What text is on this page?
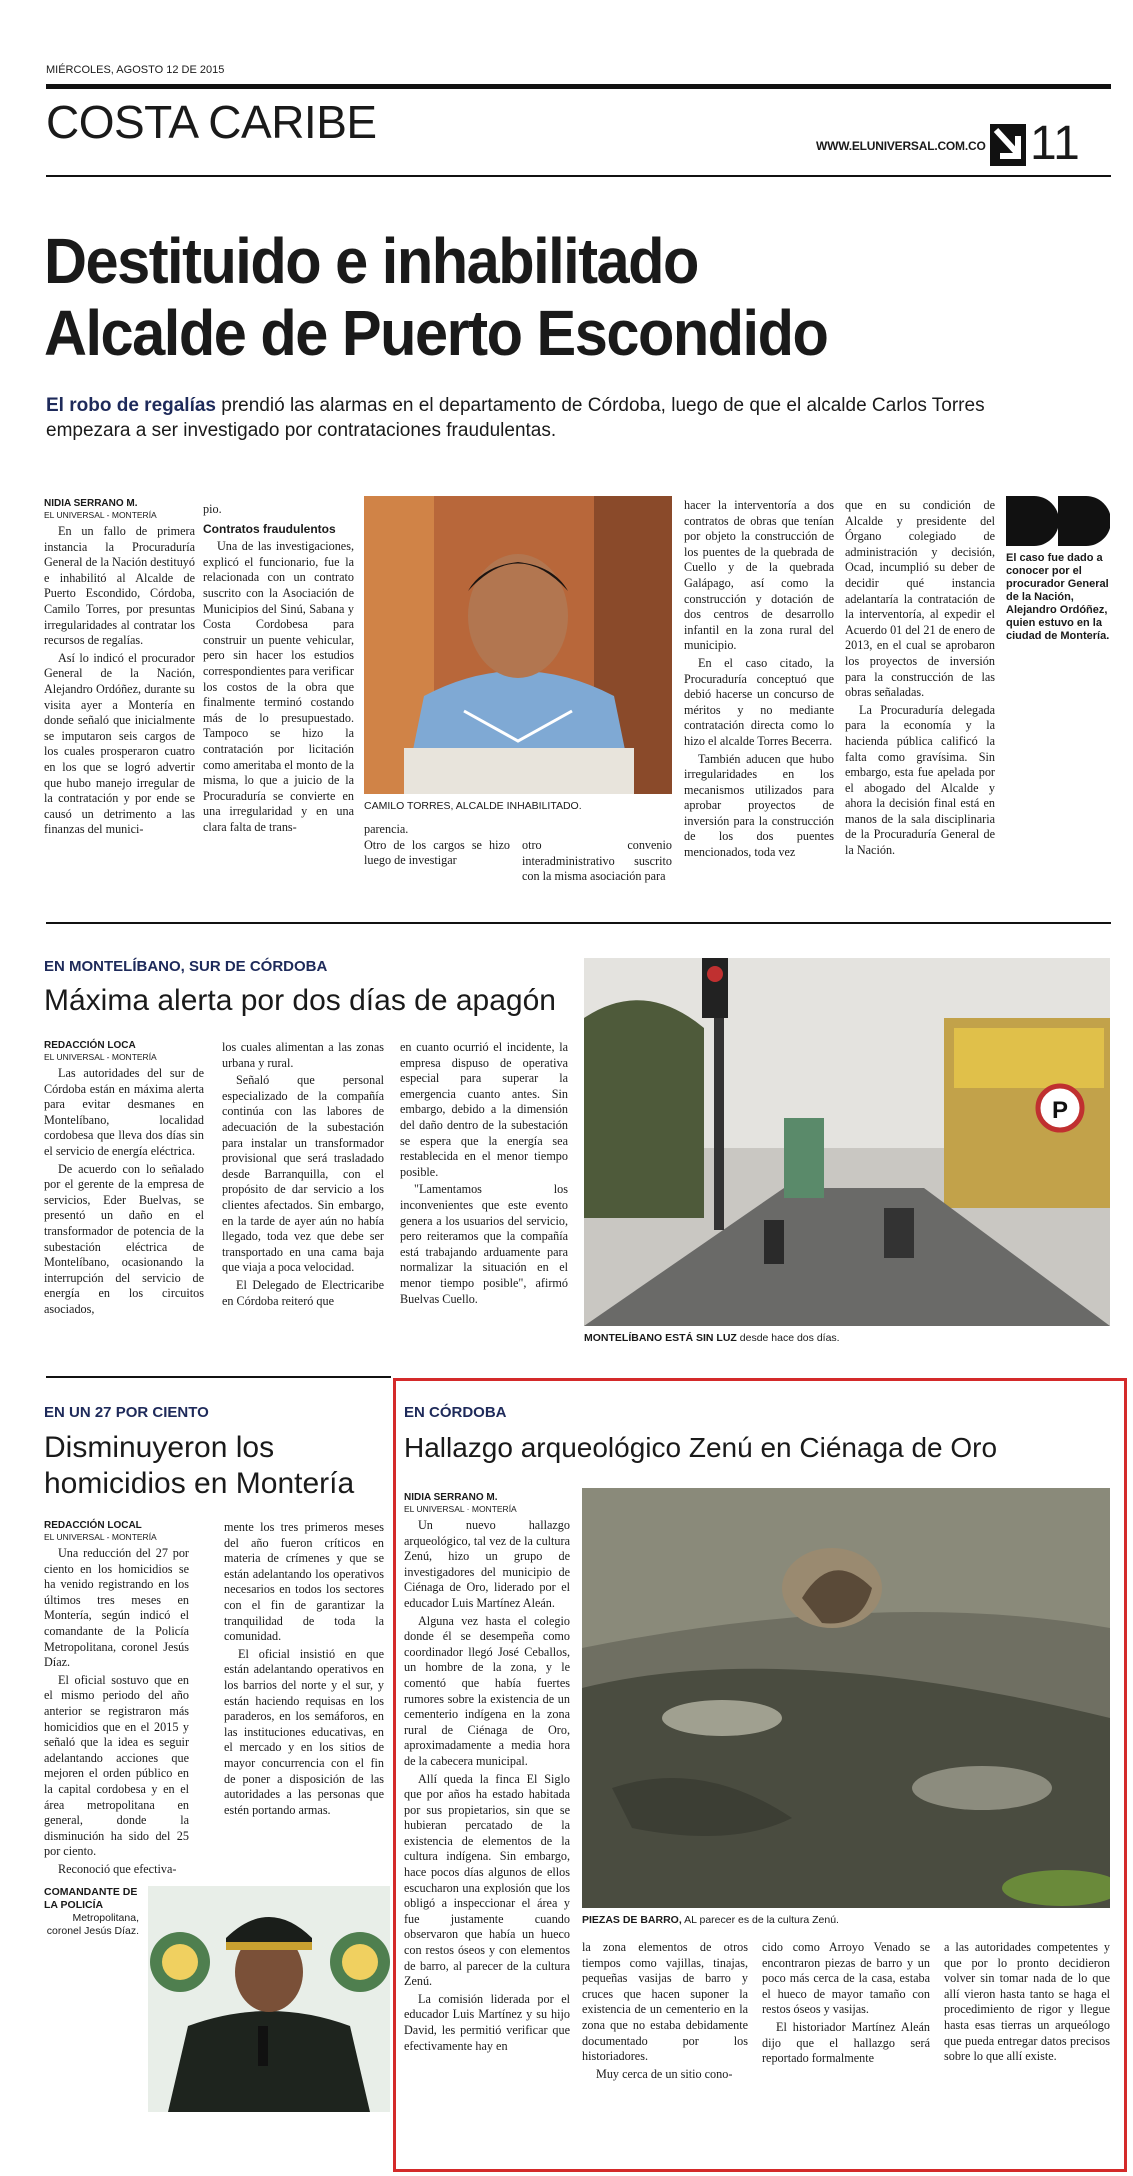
MIÉRCOLES, AGOSTO 12 DE 2015
COSTA CARIBE	WWW.ELUNIVERSAL.COM.CO 11
Destituido e inhabilitado
Alcalde de Puerto Escondido
El robo de regalías prendió las alarmas en el departamento de Córdoba, luego de que el alcalde Carlos Torres empezara a ser investigado por contrataciones fraudulentas.
NIDIA SERRANO M.
EL UNIVERSAL - MONTERÍA

En un fallo de primera instancia la Procuraduría General de la Nación destituyó e inhabilitó al Alcalde de Puerto Escondido, Córdoba, Camilo Torres, por presuntas irregularidades al contratar los recursos de regalías.

Así lo indicó el procurador General de la Nación, Alejandro Ordóñez, durante su visita ayer a Montería en donde señaló que inicialmente se imputaron seis cargos de los cuales prosperaron cuatro en los que se logró advertir que hubo manejo irregular de la contratación y por ende se causó un detrimento a las finanzas del munici-

pio.
Contratos fraudulentos

Una de las investigaciones, explicó el funcionario, fue la relacionada con un contrato suscrito con la Asociación de Municipios del Sinú, Sabana y Costa Cordobesa para construir un puente vehicular, pero sin hacer los estudios correspondientes para verificar los costos de la obra que finalmente terminó costando más de lo presupuestado. Tampoco se hizo la contratación por licitación como ameritaba el monto de la misma, lo que a juicio de la Procuraduría se convierte en una irregularidad y en una clara falta de trans-

CAMILO TORRES, ALCALDE INHABILITADO.
parencia.
Otro de los cargos se hizo luego de investigar
otro convenio interadministrativo suscrito con la misma asociación para

hacer la interventoría a dos contratos de obras que tenían por objeto la construcción de los puentes de la quebrada de Cuello y de la quebrada Galápago, así como la construcción y dotación de dos centros de desarrollo infantil en la zona rural del municipio.

En el caso citado, la Procuraduría conceptuó que debió hacerse un concurso de méritos y no mediante contratación directa como lo hizo el alcalde Torres Becerra.

También aducen que hubo irregularidades en los mecanismos utilizados para aprobar proyectos de inversión para la construcción de los dos puentes mencionados, toda vez

que en su condición de Alcalde y presidente del Órgano colegiado de administración y decisión, Ocad, incumplió su deber de decidir qué instancia adelantaría la contratación de la interventoría, al expedir el Acuerdo 01 del 21 de enero de 2013, en el cual se aprobaron los proyectos de inversión para la construcción de las obras señaladas.

La Procuraduría delegada para la economía y la hacienda pública calificó la falta como gravísima. Sin embargo, esta fue apelada por el abogado del Alcalde y ahora la decisión final está en manos de la sala disciplinaria de la Procuraduría General de la Nación.

El caso fue dado a conocer por el procurador General de la Nación, Alejandro Ordóñez, quien estuvo en la ciudad de Montería.
EN MONTELÍBANO, SUR DE CÓRDOBA
Máxima alerta por dos días de apagón
REDACCIÓN LOCA
EL UNIVERSAL - MONTERÍA

Las autoridades del sur de Córdoba están en máxima alerta para evitar desmanes en Montelíbano, localidad cordobesa que lleva dos días sin el servicio de energía eléctrica.

De acuerdo con lo señalado por el gerente de la empresa de servicios, Eder Buelvas, se presentó un daño en el transformador de potencia de la subestación eléctrica de Montelíbano, ocasionando la interrupción del servicio de energía en los circuitos asociados,

los cuales alimentan a las zonas urbana y rural.

Señaló que personal especializado de la compañía continúa con las labores de adecuación de la subestación para instalar un transformador provisional que será trasladado desde Barranquilla, con el propósito de dar servicio a los clientes afectados. Sin embargo, en la tarde de ayer aún no había llegado, toda vez que debe ser transportado en una cama baja que viaja a poca velocidad.

El Delegado de Electricaribe en Córdoba reiteró que

en cuanto ocurrió el incidente, la empresa dispuso de operativa especial para superar la emergencia cuanto antes. Sin embargo, debido a la dimensión del daño dentro de la subestación se espera que la energía sea restablecida en el menor tiempo posible.

"Lamentamos los inconvenientes que este evento genera a los usuarios del servicio, pero reiteramos que la compañía está trabajando arduamente para normalizar la situación en el menor tiempo posible", afirmó Buelvas Cuello.

P
MONTELÍBANO ESTÁ SIN LUZ desde hace dos días.
EN UN 27 POR CIENTO
Disminuyeron los
homicidios en Montería
REDACCIÓN LOCAL
EL UNIVERSAL - MONTERÍA

Una reducción del 27 por ciento en los homicidios se ha venido registrando en los últimos tres meses en Montería, según indicó el comandante de la Policía Metropolitana, coronel Jesús Díaz.

El oficial sostuvo que en el mismo periodo del año anterior se registraron más homicidios que en el 2015 y señaló que la idea es seguir adelantando acciones que mejoren el orden público en la capital cordobesa y en el área metropolitana en general, donde la disminución ha sido del 25 por ciento.

Reconoció que efectiva-

mente los tres primeros meses del año fueron críticos en materia de crímenes y que se están adelantando los operativos necesarios en todos los sectores con el fin de garantizar la tranquilidad de toda la comunidad.

El oficial insistió en que están adelantando operativos en los barrios del norte y el sur, y están haciendo requisas en los paraderos, en los semáforos, en las instituciones educativas, en el mercado y en los sitios de mayor concurrencia con el fin de poner a disposición de las autoridades a las personas que estén portando armas.

COMANDANTE DE LA POLICÍA
Metropolitana, coronel Jesús Díaz.
EN CÓRDOBA
Hallazgo arqueológico Zenú en Ciénaga de Oro
NIDIA SERRANO M.
EL UNIVERSAL · MONTERÍA

Un nuevo hallazgo arqueológico, tal vez de la cultura Zenú, hizo un grupo de investigadores del municipio de Ciénaga de Oro, liderado por el educador Luis Martínez Aleán.

Alguna vez hasta el colegio donde él se desempeña como coordinador llegó José Ceballos, un hombre de la zona, y le comentó que había fuertes rumores sobre la existencia de un cementerio indígena en la zona rural de Ciénaga de Oro, aproximadamente a media hora de la cabecera municipal.

Allí queda la finca El Siglo que por años ha estado habitada por sus propietarios, sin que se hubieran percatado de la existencia de elementos de la cultura indígena. Sin embargo, hace pocos días algunos de ellos escucharon una explosión que los obligó a inspeccionar el área y fue justamente cuando observaron que había un hueco con restos óseos y con elementos de barro, al parecer de la cultura Zenú.

La comisión liderada por el educador Luis Martínez y su hijo David, les permitió verificar que efectivamente hay en

PIEZAS DE BARRO, AL parecer es de la cultura Zenú.

la zona elementos de otros tiempos como vajillas, tinajas, pequeñas vasijas de barro y cruces que hacen suponer la existencia de un cementerio en la zona que no estaba debidamente documentado por los historiadores.

Muy cerca de un sitio cono-

cido como Arroyo Venado se encontraron piezas de barro y un poco más cerca de la casa, estaba el hueco de mayor tamaño con restos óseos y vasijas.

El historiador Martínez Aleán dijo que el hallazgo será reportado formalmente

a las autoridades competentes y que por lo pronto decidieron volver sin tomar nada de lo que allí vieron hasta tanto se haga el procedimiento de rigor y llegue hasta esas tierras un arqueólogo que pueda entregar datos precisos sobre lo que allí existe.
